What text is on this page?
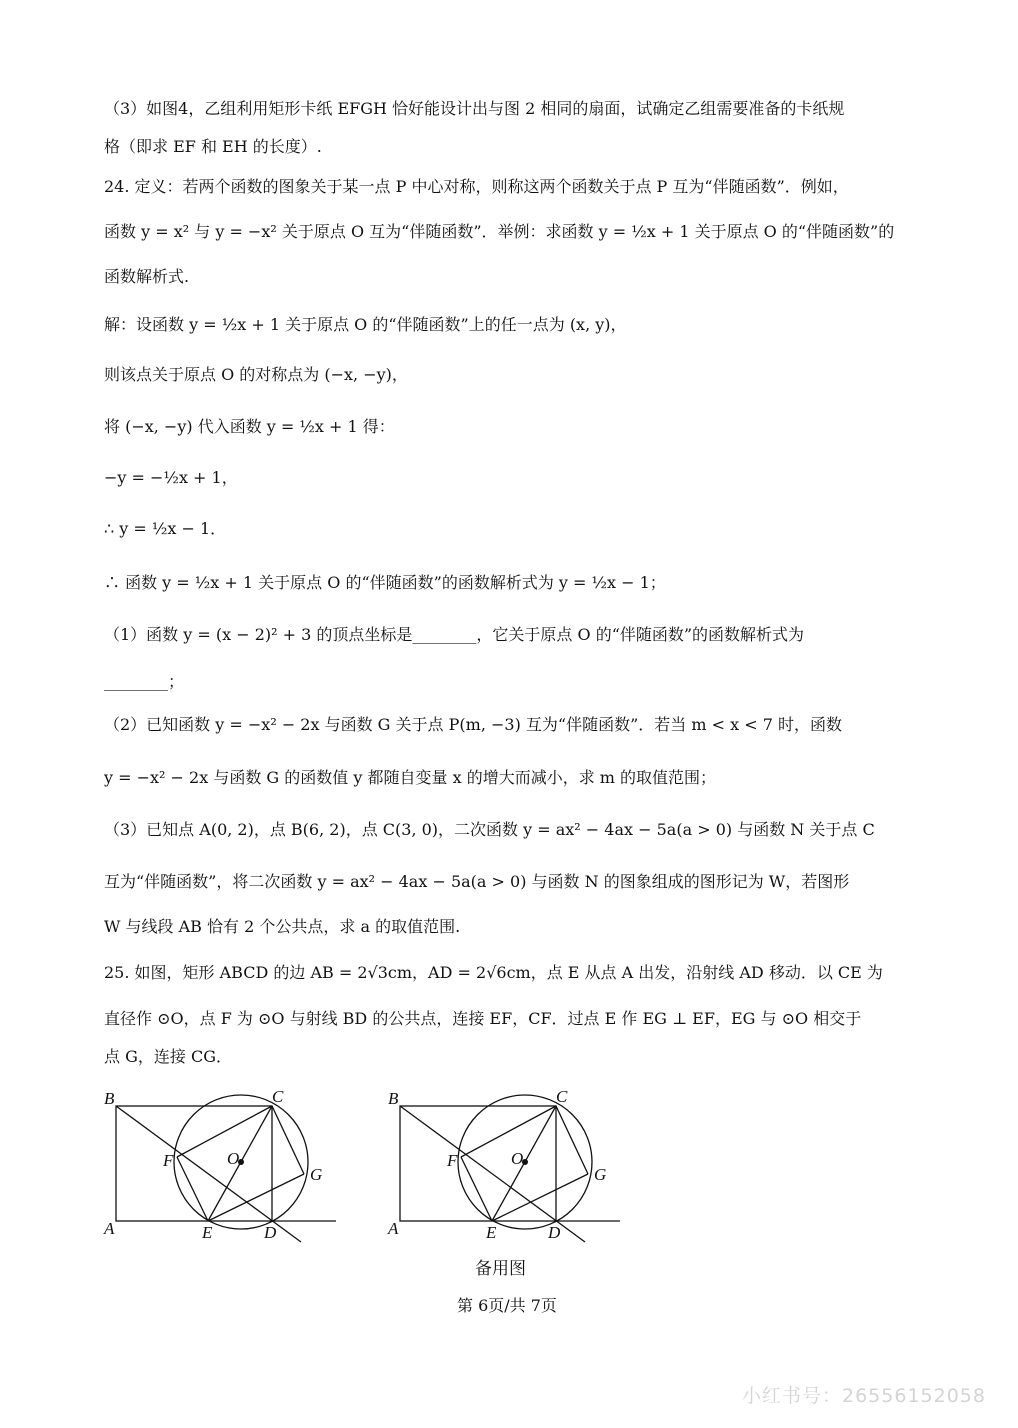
（3）如图4，乙组利用矩形卡纸 EFGH 恰好能设计出与图 2 相同的扇面，试确定乙组需要准备的卡纸规
格（即求 EF 和 EH 的长度）.
24. 定义：若两个函数的图象关于某一点 P 中心对称，则称这两个函数关于点 P 互为“伴随函数”．例如，
函数 y = x² 与 y = −x² 关于原点 O 互为“伴随函数”．举例：求函数 y = ½x + 1 关于原点 O 的“伴随函数”的
函数解析式.
解：设函数 y = ½x + 1 关于原点 O 的“伴随函数”上的任一点为 (x, y)，
则该点关于原点 O 的对称点为 (−x, −y)，
将 (−x, −y) 代入函数 y = ½x + 1 得：
−y = −½x + 1，
∴ y = ½x − 1．
∴ 函数 y = ½x + 1 关于原点 O 的“伴随函数”的函数解析式为 y = ½x − 1；
（1）函数 y = (x − 2)² + 3 的顶点坐标是________，它关于原点 O 的“伴随函数”的函数解析式为
________；
（2）已知函数 y = −x² − 2x 与函数 G 关于点 P(m, −3) 互为“伴随函数”．若当 m < x < 7 时，函数
y = −x² − 2x 与函数 G 的函数值 y 都随自变量 x 的增大而减小，求 m 的取值范围；
（3）已知点 A(0, 2)，点 B(6, 2)，点 C(3, 0)，二次函数 y = ax² − 4ax − 5a(a > 0) 与函数 N 关于点 C
互为“伴随函数”，将二次函数 y = ax² − 4ax − 5a(a > 0) 与函数 N 的图象组成的图形记为 W，若图形
W 与线段 AB 恰有 2 个公共点，求 a 的取值范围.
25. 如图，矩形 ABCD 的边 AB = 2√3cm，AD = 2√6cm，点 E 从点 A 出发，沿射线 AD 移动．以 CE 为
直径作 ⊙O，点 F 为 ⊙O 与射线 BD 的公共点，连接 EF，CF．过点 E 作 EG ⊥ EF，EG 与 ⊙O 相交于
点 G，连接 CG．
B	C
F	O
G
A	E	D
B	C
F	O
G
A	E	D
备用图
第 6页/共 7页
小红书号：26556152058
